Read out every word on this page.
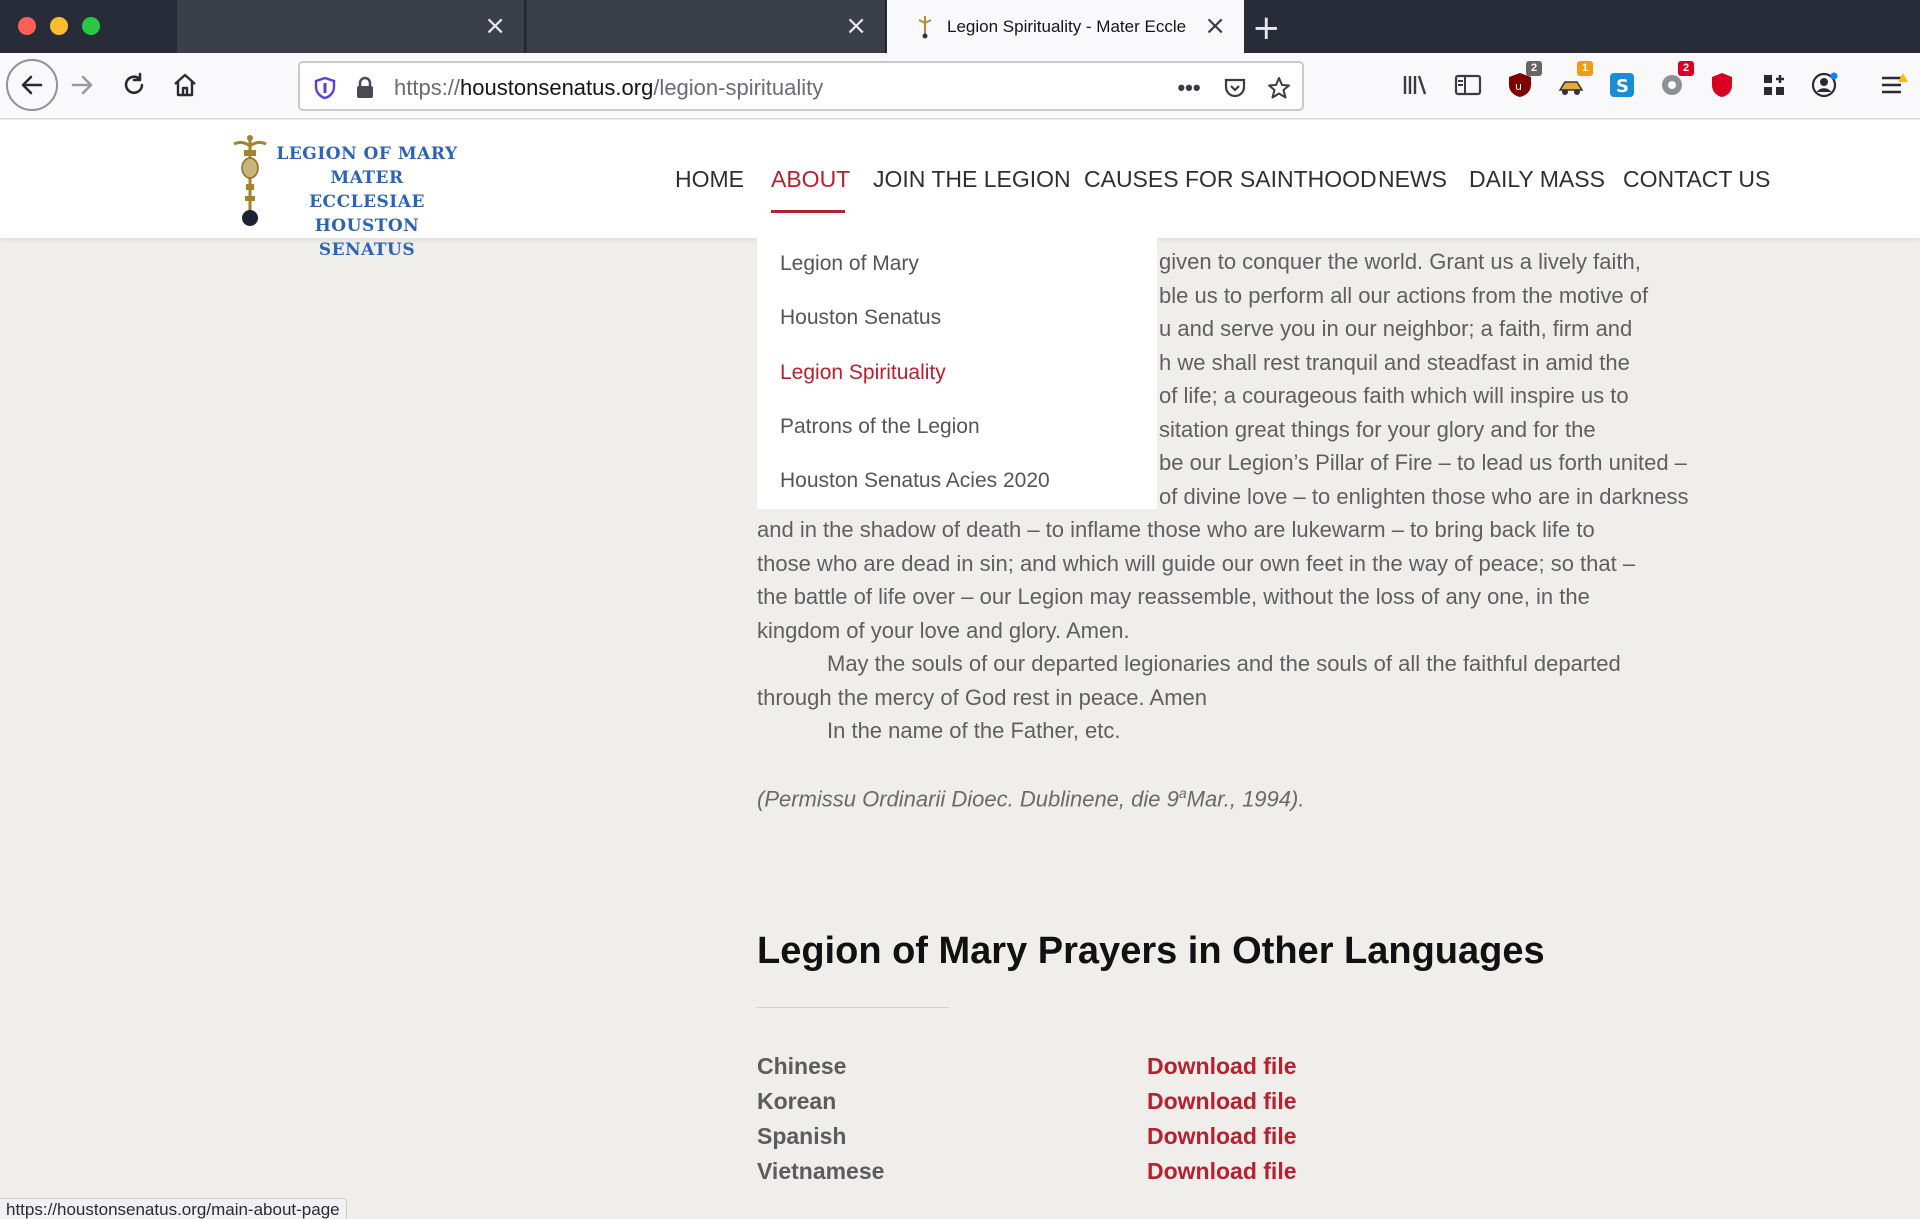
×	×	Legion Spirituality - Mater Eccle × +
https://houstonsenatus.org/legion-spirituality	•••	u
2	1
S
2
LEGION OF MARY
MATER ECCLESIAE
HOUSTON SENATUS
HOME ABOUT JOIN THE LEGION CAUSES FOR SAINTHOOD NEWS DAILY MASS CONTACT US
Legion of Mary
Houston Senatus
Legion Spirituality
Patrons of the Legion
Houston Senatus Acies 2020
given to conquer the world. Grant us a lively faith,
ble us to perform all our actions from the motive of
u and serve you in our neighbor; a faith, firm and
h we shall rest tranquil and steadfast in amid the
of life; a courageous faith which will inspire us to
sitation great things for your glory and for the
be our Legion’s Pillar of Fire – to lead us forth united –
of divine love – to enlighten those who are in darkness
and in the shadow of death – to inflame those who are lukewarm – to bring back life to
those who are dead in sin; and which will guide our own feet in the way of peace; so that –
the battle of life over – our Legion may reassemble, without the loss of any one, in the
kingdom of your love and glory. Amen.
May the souls of our departed legionaries and the souls of all the faithful departed
through the mercy of God rest in peace. Amen
In the name of the Father, etc.
(Permissu Ordinarii Dioec. Dublinene, die 9$^a$Mar., 1994).
Legion of Mary Prayers in Other Languages
Chinese	Download file
Korean	Download file
Spanish	Download file
Vietnamese	Download file
https://houstonsenatus.org/main-about-page
